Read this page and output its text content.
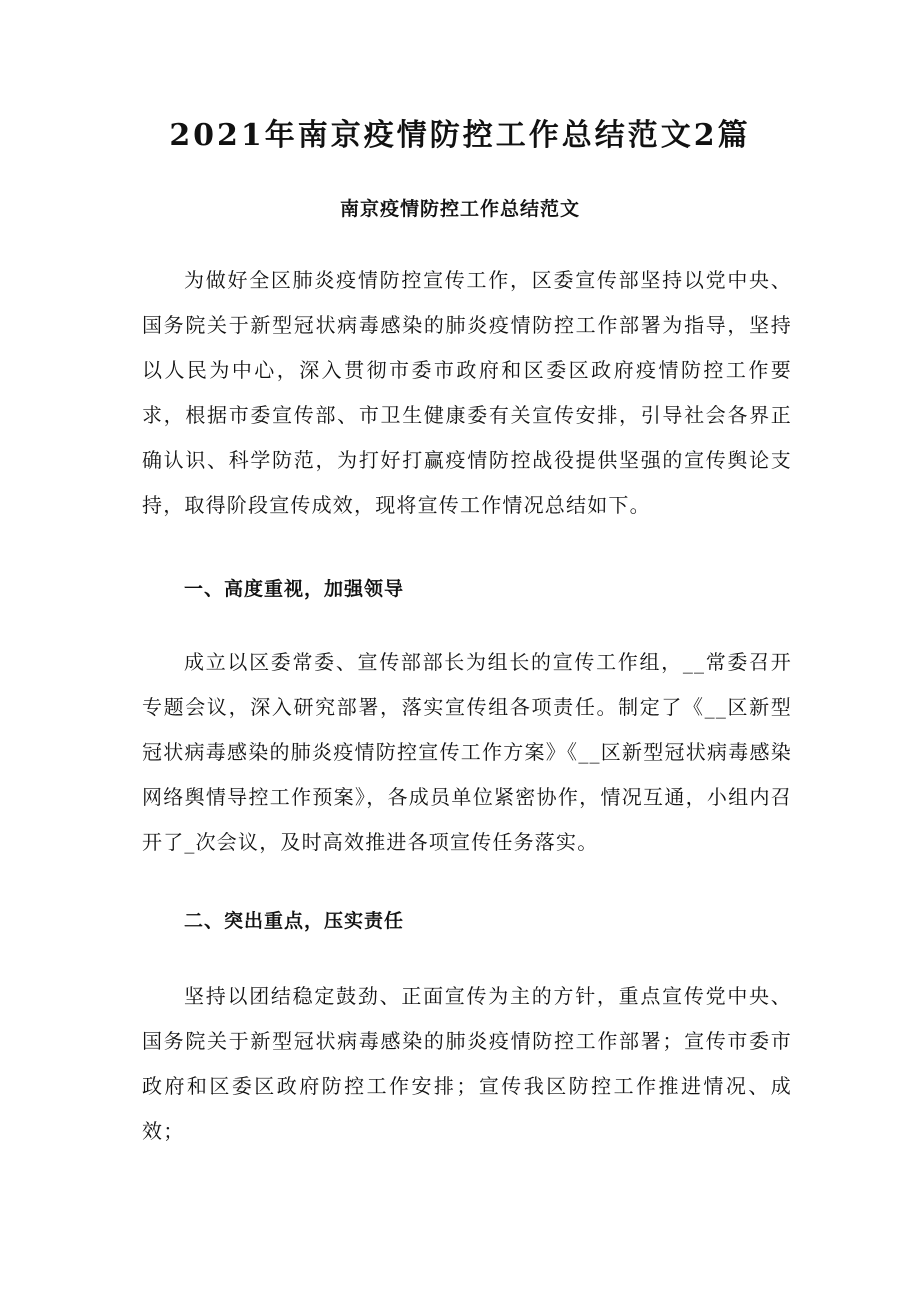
2021年南京疫情防控工作总结范文2篇
南京疫情防控工作总结范文

为做好全区肺炎疫情防控宣传工作，区委宣传部坚持以党中央、国务院关于新型冠状病毒感染的肺炎疫情防控工作部署为指导，坚持以人民为中心，深入贯彻市委市政府和区委区政府疫情防控工作要求，根据市委宣传部、市卫生健康委有关宣传安排，引导社会各界正确认识、科学防范，为打好打赢疫情防控战役提供坚强的宣传舆论支持，取得阶段宣传成效，现将宣传工作情况总结如下。

一、高度重视，加强领导

成立以区委常委、宣传部部长为组长的宣传工作组，__常委召开专题会议，深入研究部署，落实宣传组各项责任。制定了《__区新型冠状病毒感染的肺炎疫情防控宣传工作方案》《__区新型冠状病毒感染网络舆情导控工作预案》，各成员单位紧密协作，情况互通，小组内召开了_次会议，及时高效推进各项宣传任务落实。

二、突出重点，压实责任

坚持以团结稳定鼓劲、正面宣传为主的方针，重点宣传党中央、国务院关于新型冠状病毒感染的肺炎疫情防控工作部署；宣传市委市政府和区委区政府防控工作安排；宣传我区防控工作推进情况、成效；
